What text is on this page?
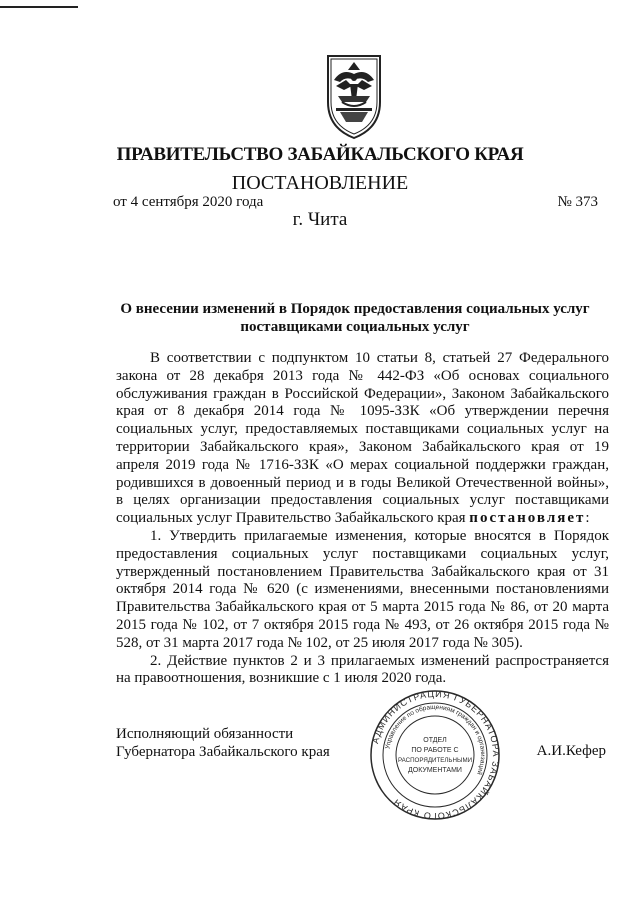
ПРАВИТЕЛЬСТВО ЗАБАЙКАЛЬСКОГО КРАЯ
ПОСТАНОВЛЕНИЕ
от 4 сентября 2020 года	№ 373
г. Чита
О внесении изменений в Порядок предоставления социальных услуг поставщиками социальных услуг

В соответствии с подпунктом 10 статьи 8, статьей 27 Федерального закона от 28 декабря 2013 года № 442-ФЗ «Об основах социального обслуживания граждан в Российской Федерации», Законом Забайкальского края от 8 декабря 2014 года № 1095-ЗЗК «Об утверждении перечня социальных услуг, предоставляемых поставщиками социальных услуг на территории Забайкальского края», Законом Забайкальского края от 19 апреля 2019 года № 1716-ЗЗК «О мерах социальной поддержки граждан, родившихся в довоенный период и в годы Великой Отечественной войны», в целях организации предоставления социальных услуг поставщиками социальных услуг Правительство Забайкальского края постановляет:

1. Утвердить прилагаемые изменения, которые вносятся в Порядок предоставления социальных услуг поставщиками социальных услуг, утвержденный постановлением Правительства Забайкальского края от 31 октября 2014 года № 620 (с изменениями, внесенными постановлениями Правительства Забайкальского края от 5 марта 2015 года № 86, от 20 марта 2015 года № 102, от 7 октября 2015 года № 493, от 26 октября 2015 года № 528, от 31 марта 2017 года № 102, от 25 июля 2017 года № 305).

2. Действие пунктов 2 и 3 прилагаемых изменений распространяется на правоотношения, возникшие с 1 июля 2020 года.

Исполняющий обязанности
Губернатора Забайкальского края	А.И.Кефер
АДМИНИСТРАЦИЯ ГУБЕРНАТОРА ЗАБАЙКАЛЬСКОГО КРАЯ
Управление по обращениям граждан и организаций
ОТДЕЛ
ПО РАБОТЕ С
РАСПОРЯДИТЕЛЬНЫМИ
ДОКУМЕНТАМИ
